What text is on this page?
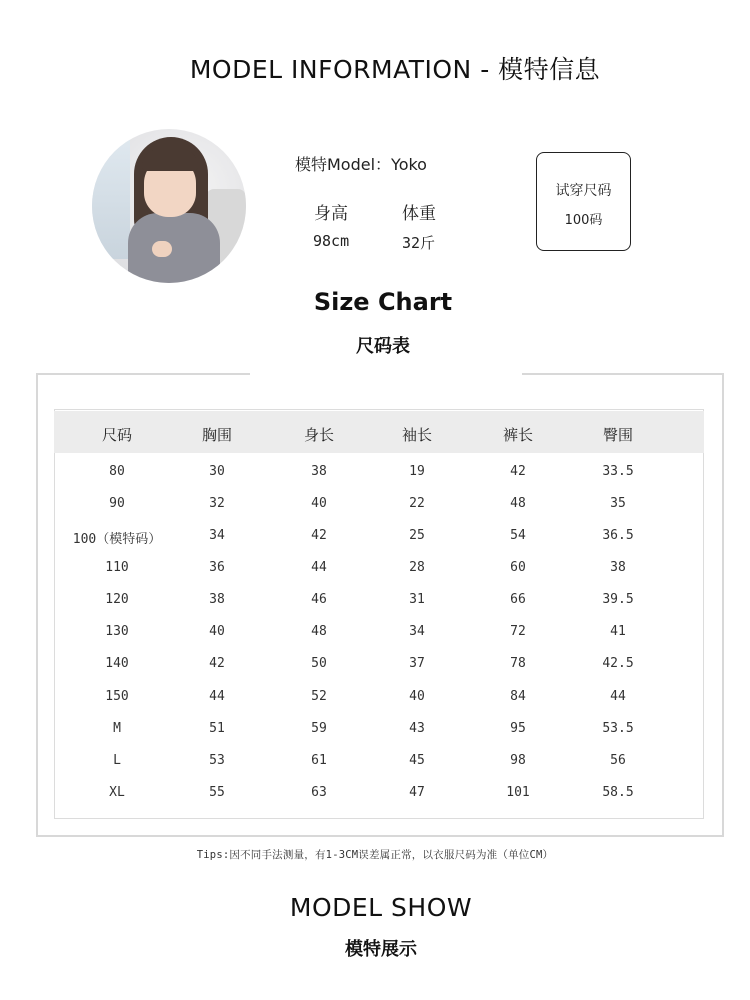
MODEL INFORMATION - 模特信息
模特Model：Yoko
身高	体重
98cm	32斤
试穿尺码
100码
Size Chart
尺码表
尺码	胸围	身长	袖长	裤长	臀围
80	30	38	19	42	33.5
90	32	40	22	48	35
100（模特码）	34	42	25	54	36.5
110	36	44	28	60	38
120	38	46	31	66	39.5
130	40	48	34	72	41
140	42	50	37	78	42.5
150	44	52	40	84	44
M	51	59	43	95	53.5
L	53	61	45	98	56
XL	55	63	47	101	58.5
Tips:因不同手法测量，有1-3CM误差属正常，以衣服尺码为准（单位CM）
MODEL SHOW
模特展示
